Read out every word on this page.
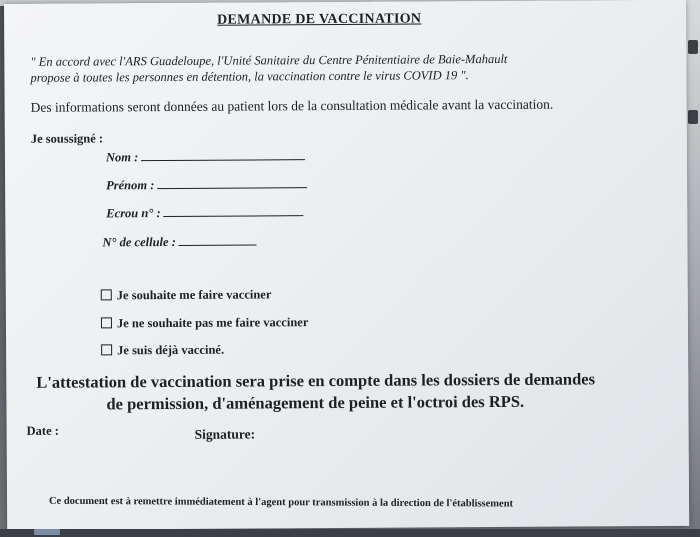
DEMANDE DE VACCINATION
" En accord avec l'ARS Guadeloupe, l'Unité Sanitaire du Centre Pénitentiaire de Baie-Mahault
propose à toutes les personnes en détention, la vaccination contre le virus COVID 19 ".
Des informations seront données au patient lors de la consultation médicale avant la vaccination.
Je soussigné :
Nom :
Prénom :
Ecrou n° :
N° de cellule :
Je souhaite me faire vacciner
Je ne souhaite pas me faire vacciner
Je suis déjà vacciné.
L'attestation de vaccination sera prise en compte dans les dossiers de demandes
de permission, d'aménagement de peine et l'octroi des RPS.
Date :	Signature:
Ce document est à remettre immédiatement à l'agent pour transmission à la direction de l'établissement
